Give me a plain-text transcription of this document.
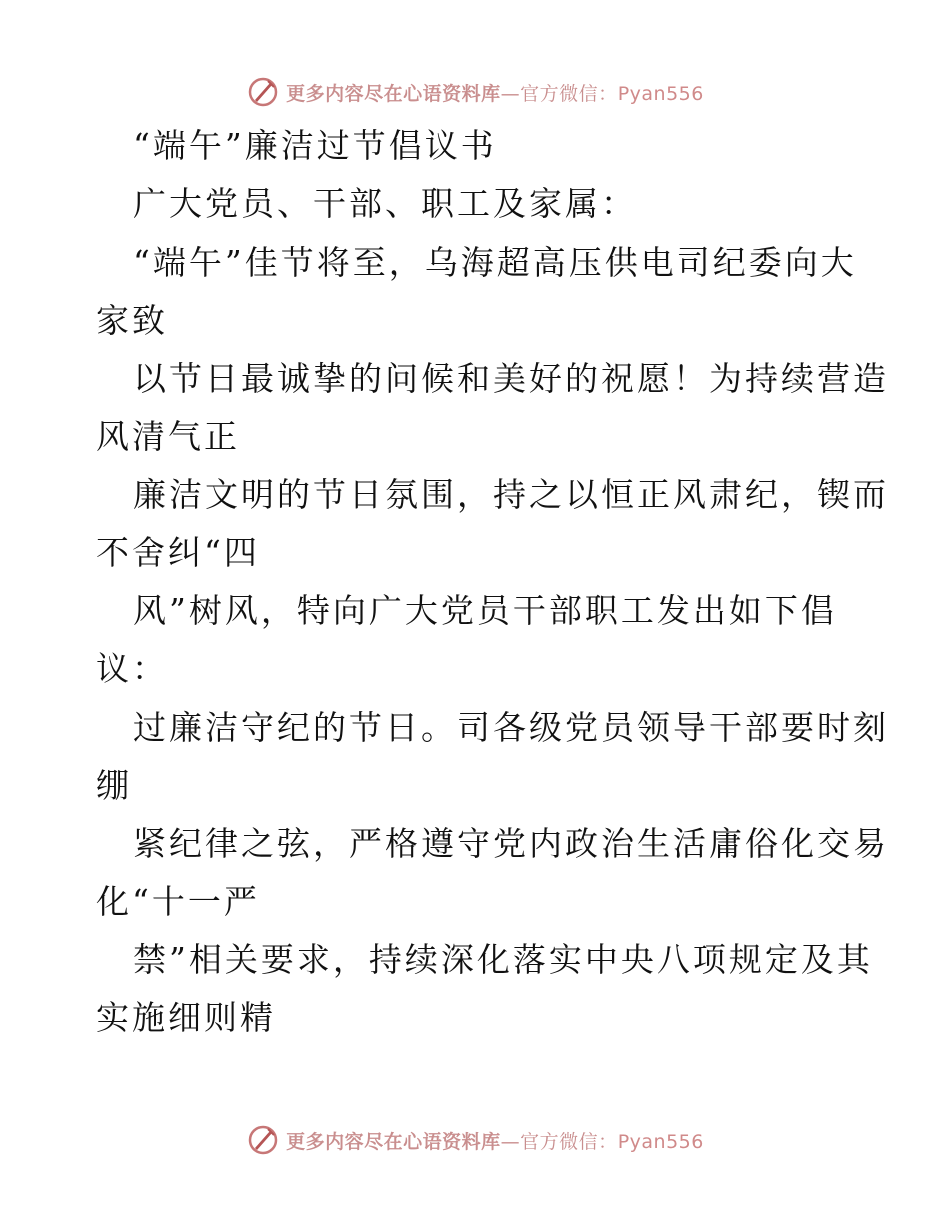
更多内容尽在心语资料库—官方微信：Pyan556
“端午”廉洁过节倡议书
广大党员、干部、职工及家属：
“端午”佳节将至，乌海超高压供电司纪委向大
家致
以节日最诚挚的问候和美好的祝愿！为持续营造
风清气正
廉洁文明的节日氛围，持之以恒正风肃纪，锲而
不舍纠“四
风”树风，特向广大党员干部职工发出如下倡
议：
过廉洁守纪的节日。司各级党员领导干部要时刻
绷
紧纪律之弦，严格遵守党内政治生活庸俗化交易
化“十一严
禁”相关要求，持续深化落实中央八项规定及其
实施细则精
更多内容尽在心语资料库—官方微信：Pyan556
